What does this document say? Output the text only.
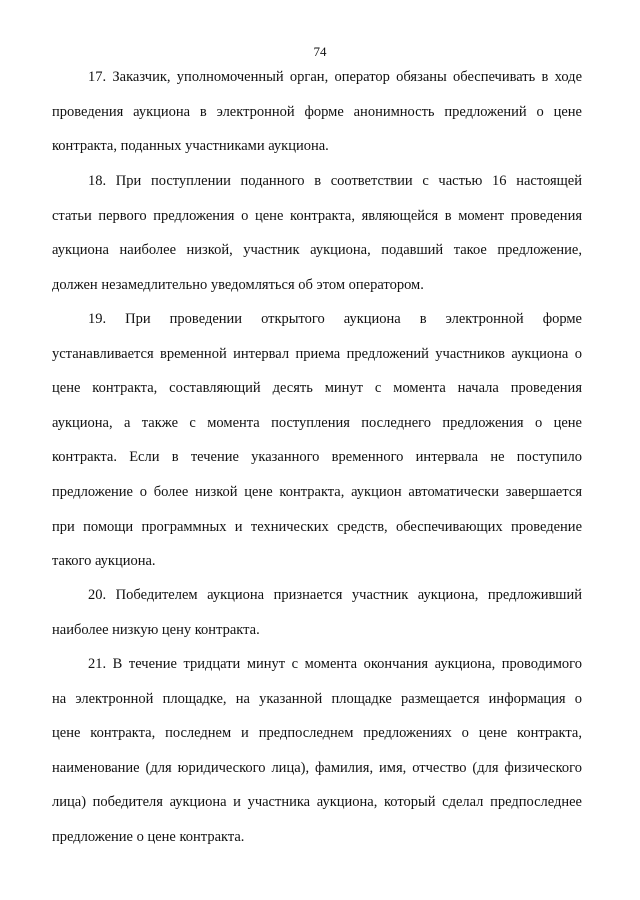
74

17. Заказчик, уполномоченный орган, оператор обязаны обеспечивать в ходе
проведения аукциона в электронной форме анонимность предложений о цене
контракта, поданных участниками аукциона.

18. При поступлении поданного в соответствии с частью 16 настоящей
статьи первого предложения о цене контракта, являющейся в момент проведения
аукциона наиболее низкой, участник аукциона, подавший такое предложение,
должен незамедлительно уведомляться об этом оператором.

19. При проведении открытого аукциона в электронной форме
устанавливается временной интервал приема предложений участников аукциона о
цене контракта, составляющий десять минут с момента начала проведения
аукциона, а также с момента поступления последнего предложения о цене
контракта. Если в течение указанного временного интервала не поступило
предложение о более низкой цене контракта, аукцион автоматически завершается
при помощи программных и технических средств, обеспечивающих проведение
такого аукциона.

20. Победителем аукциона признается участник аукциона, предложивший
наиболее низкую цену контракта.

21. В течение тридцати минут с момента окончания аукциона, проводимого
на электронной площадке, на указанной площадке размещается информация о
цене контракта, последнем и предпоследнем предложениях о цене контракта,
наименование (для юридического лица), фамилия, имя, отчество (для физического
лица) победителя аукциона и участника аукциона, который сделал предпоследнее
предложение о цене контракта.
